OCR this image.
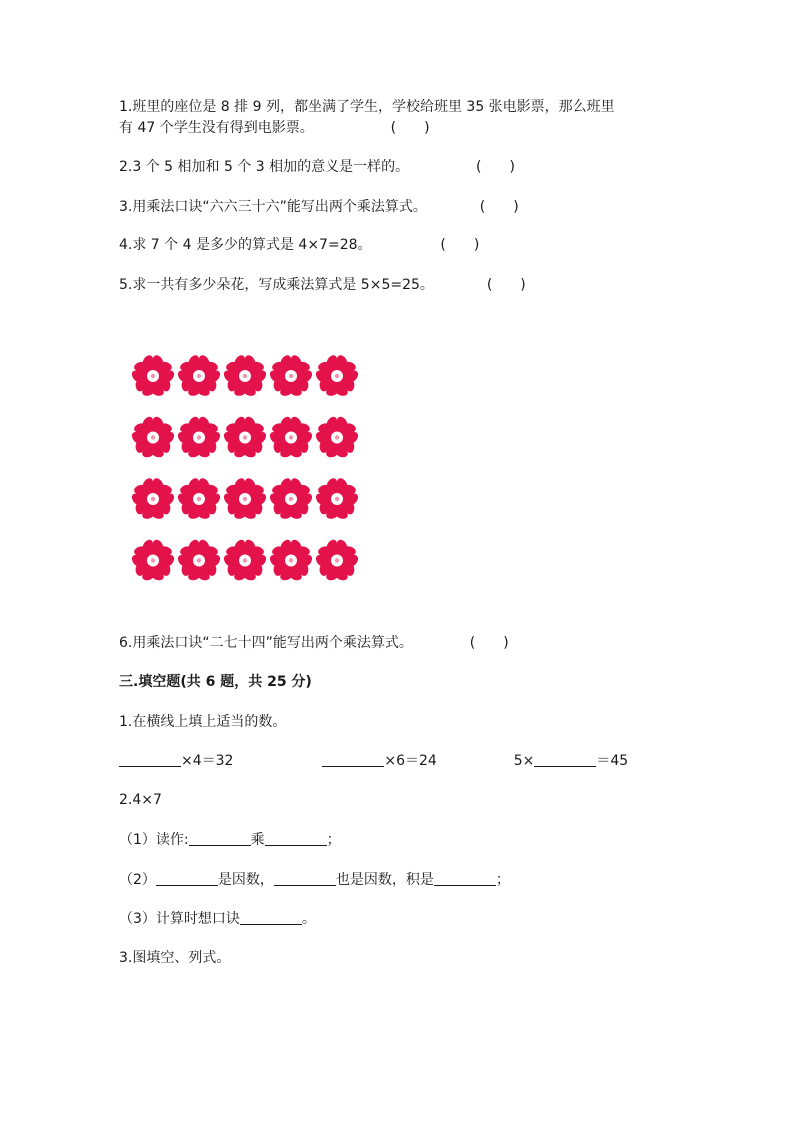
1.班里的座位是 8 排 9 列，都坐满了学生，学校给班里 35 张电影票，那么班里
有 47 个学生没有得到电影票。	(　　)
2.3 个 5 相加和 5 个 3 相加的意义是一样的。	(　　)
3.用乘法口诀“六六三十六”能写出两个乘法算式。	(　　)
4.求 7 个 4 是多少的算式是 4×7=28。	(　　)
5.求一共有多少朵花，写成乘法算式是 5×5=25。	(　　)
6.用乘法口诀“二七十四”能写出两个乘法算式。	(　　)
三.填空题(共 6 题，共 25 分)
1.在横线上填上适当的数。
×4＝32	×6＝24	5×	＝45
2.4×7
（1）读作:	乘	；
（2）	是因数，	也是因数，积是	；
（3）计算时想口诀	。
3.图填空、列式。
